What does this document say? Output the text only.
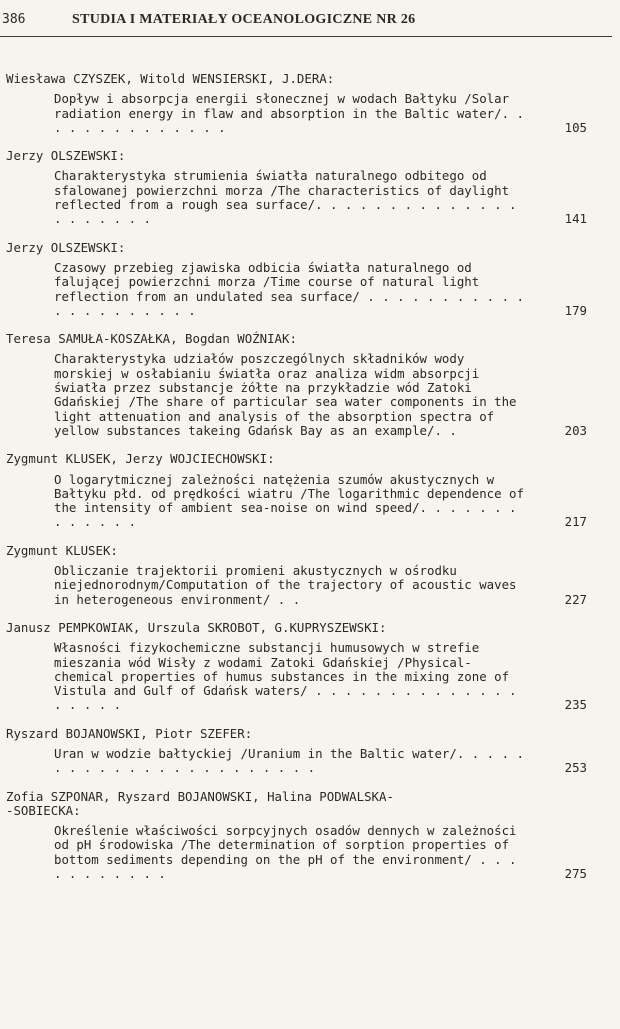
386	STUDIA I MATERIAŁY OCEANOLOGICZNE NR 26
Wiesława CZYSZEK, Witold WENSIERSKI, J.DERA:
Dopływ i absorpcja energii słonecznej w wodach Bałtyku /Solar radiation energy in flaw and absorption in the Baltic water/. . . . . . . . . . . . . .	105
Jerzy OLSZEWSKI:
Charakterystyka strumienia światła naturalnego odbitego od sfalowanej powierzchni morza /The characteristics of daylight reflected from a rough sea surface/. . . . . . . . . . . . . . . . . . . . .	141
Jerzy OLSZEWSKI:
Czasowy przebieg zjawiska odbicia światła naturalnego od falującej powierzchni morza /Time course of natural light reflection from an undulated sea surface/ . . . . . . . . . . . . . . . . . . . . .	179
Teresa SAMUŁA-KOSZAŁKA, Bogdan WOŹNIAK:
Charakterystyka udziałów poszczególnych składników wody morskiej w osłabianiu światła oraz analiza widm absorpcji światła przez substancje żółte na przykładzie wód Zatoki Gdańskiej /The share of particular sea water components in the light attenuation and analysis of the absorption spectra of yellow substances takeing Gdańsk Bay as an example/. .	203
Zygmunt KLUSEK, Jerzy WOJCIECHOWSKI:
O logarytmicznej zależności natężenia szumów akustycznych w Bałtyku płd. od prędkości wiatru /The logarithmic dependence of the intensity of ambient sea-noise on wind speed/. . . . . . . . . . . . .	217
Zygmunt KLUSEK:
Obliczanie trajektorii promieni akustycznych w ośrodku niejednorodnym/Computation of the trajectory of acoustic waves in heterogeneous environment/ . .	227
Janusz PEMPKOWIAK, Urszula SKROBOT, G.KUPRYSZEWSKI:
Własności fizykochemiczne substancji humusowych w strefie mieszania wód Wisły z wodami Zatoki Gdańskiej /Physical-chemical properties of humus substances in the mixing zone of Vistula and Gulf of Gdańsk waters/ . . . . . . . . . . . . . . . . . . .	235
Ryszard BOJANOWSKI, Piotr SZEFER:
Uran w wodzie bałtyckiej /Uranium in the Baltic water/. . . . . . . . . . . . . . . . . . . . . . .	253
Zofia SZPONAR, Ryszard BOJANOWSKI, Halina PODWALSKA-
-SOBIECKA:
Określenie właściwości sorpcyjnych osadów dennych w zależności od pH środowiska /The determination of sorption properties of bottom sediments depending on the pH of the environment/ . . . . . . . . . . .	275
